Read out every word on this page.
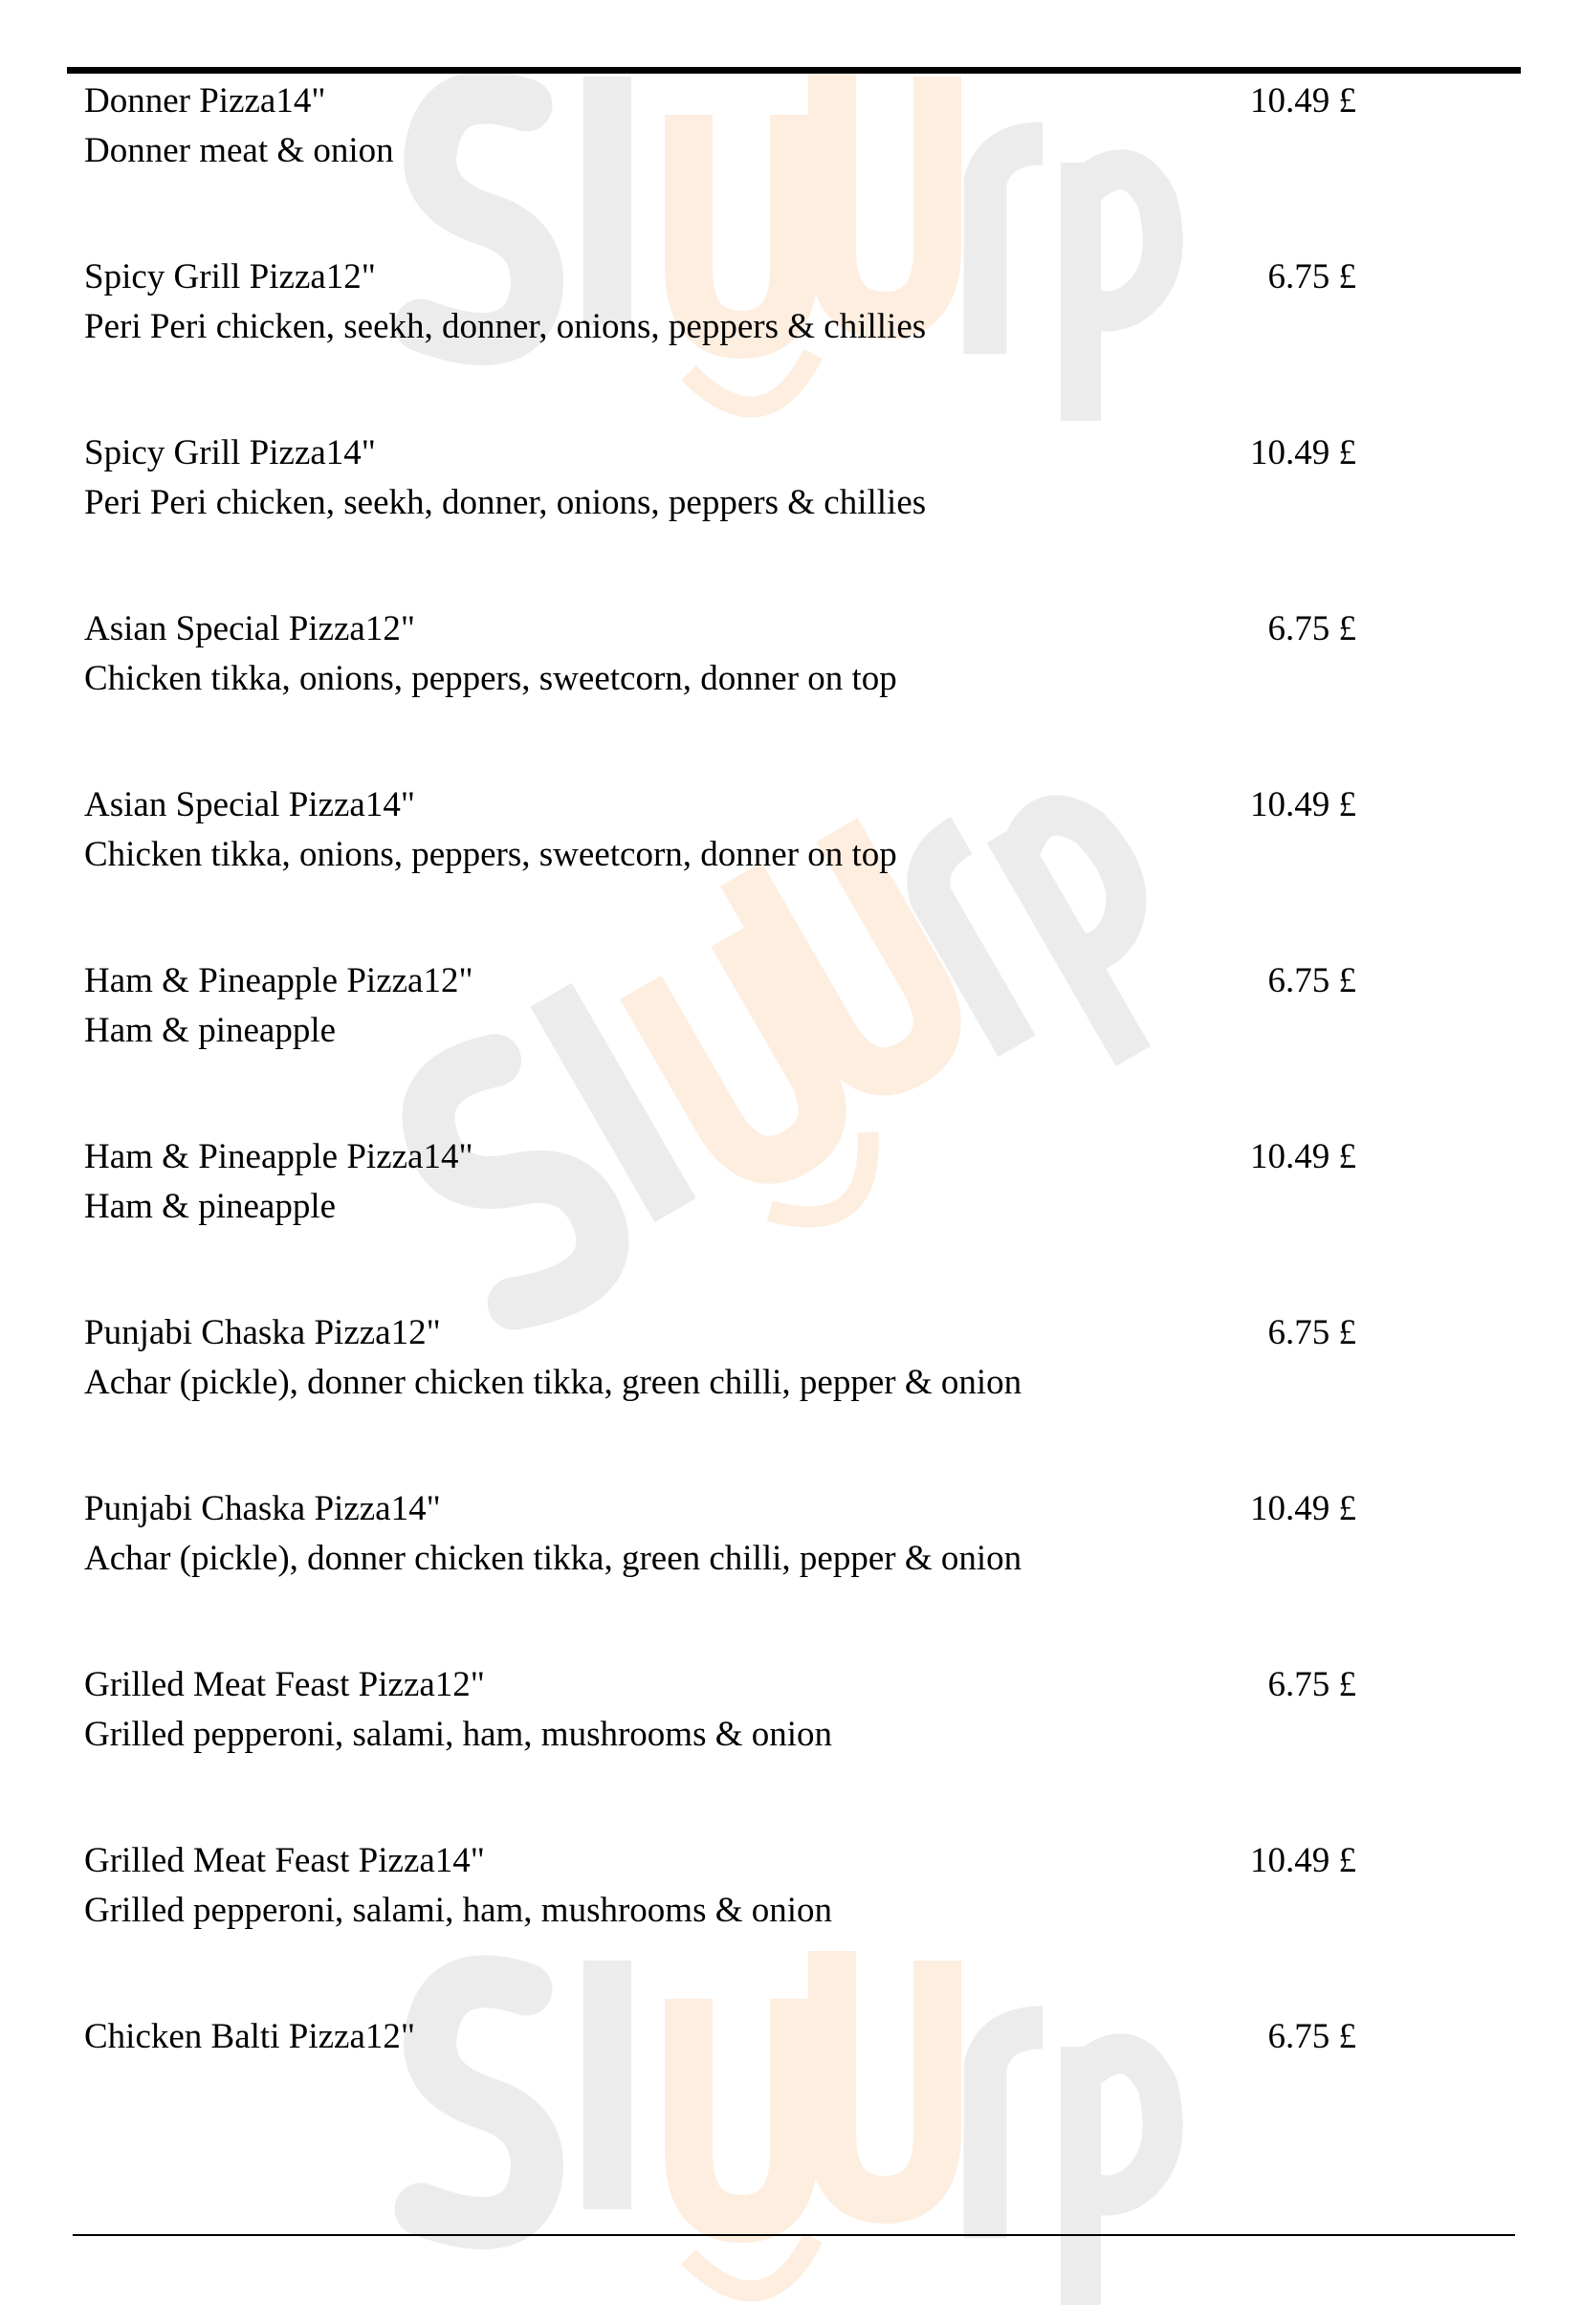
Donner Pizza14"
Donner meat & onion
10.49 £
Spicy Grill Pizza12"
Peri Peri chicken, seekh, donner, onions, peppers & chillies
6.75 £
Spicy Grill Pizza14"
Peri Peri chicken, seekh, donner, onions, peppers & chillies
10.49 £
Asian Special Pizza12"
Chicken tikka, onions, peppers, sweetcorn, donner on top
6.75 £
Asian Special Pizza14"
Chicken tikka, onions, peppers, sweetcorn, donner on top
10.49 £
Ham & Pineapple Pizza12"
Ham & pineapple
6.75 £
Ham & Pineapple Pizza14"
Ham & pineapple
10.49 £
Punjabi Chaska Pizza12"
Achar (pickle), donner chicken tikka, green chilli, pepper & onion
6.75 £
Punjabi Chaska Pizza14"
Achar (pickle), donner chicken tikka, green chilli, pepper & onion
10.49 £
Grilled Meat Feast Pizza12"
Grilled pepperoni, salami, ham, mushrooms & onion
6.75 £
Grilled Meat Feast Pizza14"
Grilled pepperoni, salami, ham, mushrooms & onion
10.49 £
Chicken Balti Pizza12"	6.75 £
